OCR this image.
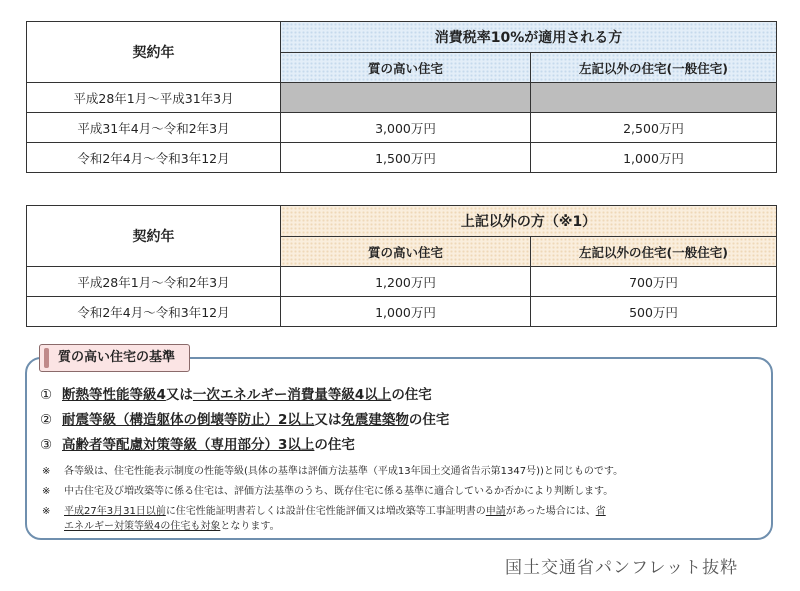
契約年	消費税率10%が適用される方	
	質の高い住宅	左記以外の住宅(一般住宅)
平成28年1月～平成31年3月		
平成31年4月～令和2年3月	3,000万円	2,500万円
令和2年4月～令和3年12月	1,500万円	1,000万円
契約年	上記以外の方（※1）	
	質の高い住宅	左記以外の住宅(一般住宅)
平成28年1月～令和2年3月	1,200万円	700万円
令和2年4月～令和3年12月	1,000万円	500万円
質の高い住宅の基準
① 断熱等性能等級4又は一次エネルギー消費量等級4以上の住宅
② 耐震等級（構造躯体の倒壊等防止）2以上又は免震建築物の住宅
③ 高齢者等配慮対策等級（専用部分）3以上の住宅
※ 各等級は、住宅性能表示制度の性能等級(具体の基準は評価方法基準（平成13年国土交通省告示第1347号))と同じものです。
※ 中古住宅及び増改築等に係る住宅は、評価方法基準のうち、既存住宅に係る基準に適合しているか否かにより判断します。
※ 平成27年3月31日以前に住宅性能証明書若しくは設計住宅性能評価又は増改築等工事証明書の申請があった場合には、省
エネルギー対策等級4の住宅も対象となります。
国土交通省パンフレット抜粋
